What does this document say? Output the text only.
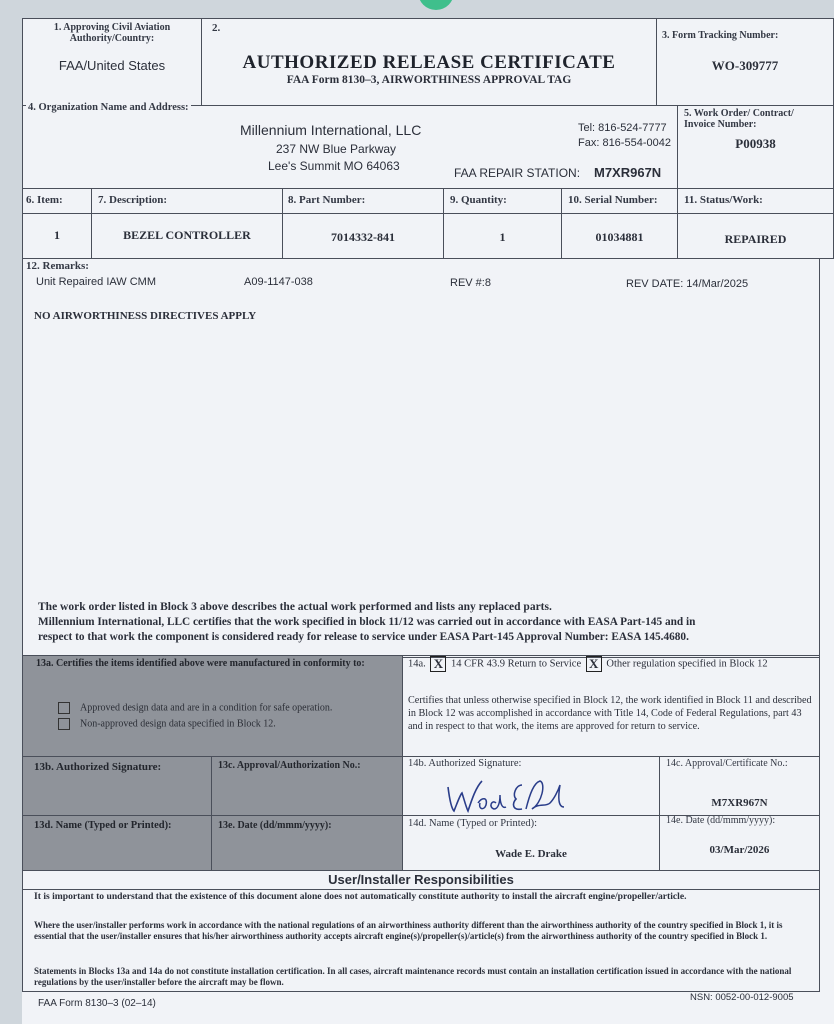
1. Approving Civil Aviation Authority/Country:
FAA/United States
2.
AUTHORIZED RELEASE CERTIFICATE
FAA Form 8130–3, AIRWORTHINESS APPROVAL TAG
3. Form Tracking Number:
WO-309777
4. Organization Name and Address:
Millennium International, LLC
237 NW Blue Parkway
Lee's Summit MO 64063
Tel: 816-524-7777
Fax: 816-554-0042
FAA REPAIR STATION: M7XR967N
5. Work Order/ Contract/ Invoice Number:
P00938
6. Item:	7. Description:	8. Part Number:	9. Quantity:	10. Serial Number: 11. Status/Work:
1	BEZEL CONTROLLER	7014332-841	1	01034881	REPAIRED
12. Remarks:
Unit Repaired IAW CMM	A09-1147-038	REV #:8	REV DATE: 14/Mar/2025
NO AIRWORTHINESS DIRECTIVES APPLY
The work order listed in Block 3 above describes the actual work performed and lists any replaced parts.
Millennium International, LLC certifies that the work specified in block 11/12 was carried out in accordance with EASA Part-145 and in
respect to that work the component is considered ready for release to service under EASA Part-145 Approval Number: EASA 145.4680.
13a. Certifies the items identified above were manufactured in conformity to:
Approved design data and are in a condition for safe operation.
Non-approved design data specified in Block 12.
14a. X 14 CFR 43.9 Return to Service X Other regulation specified in Block 12
Certifies that unless otherwise specified in Block 12, the work identified in Block 11 and described in Block 12 was accomplished in accordance with Title 14, Code of Federal Regulations, part 43 and in respect to that work, the items are approved for return to service.
13b. Authorized Signature:	13c. Approval/Authorization No.:	14b. Authorized Signature:	14c. Approval/Certificate No.:
M7XR967N
13d. Name (Typed or Printed):	13e. Date (dd/mmm/yyyy):	14d. Name (Typed or Printed):
Wade E. Drake
14e. Date (dd/mmm/yyyy):
03/Mar/2026
User/Installer Responsibilities
It is important to understand that the existence of this document alone does not automatically constitute authority to install the aircraft engine/propeller/article.
Where the user/installer performs work in accordance with the national regulations of an airworthiness authority different than the airworthiness authority of the country specified in Block 1, it is essential that the user/installer ensures that his/her airworthiness authority accepts aircraft engine(s)/propeller(s)/article(s) from the airworthiness authority of the country specified in Block 1.
Statements in Blocks 13a and 14a do not constitute installation certification. In all cases, aircraft maintenance records must contain an installation certification issued in accordance with the national regulations by the user/installer before the aircraft may be flown.
FAA Form 8130–3 (02–14)
NSN: 0052-00-012-9005
